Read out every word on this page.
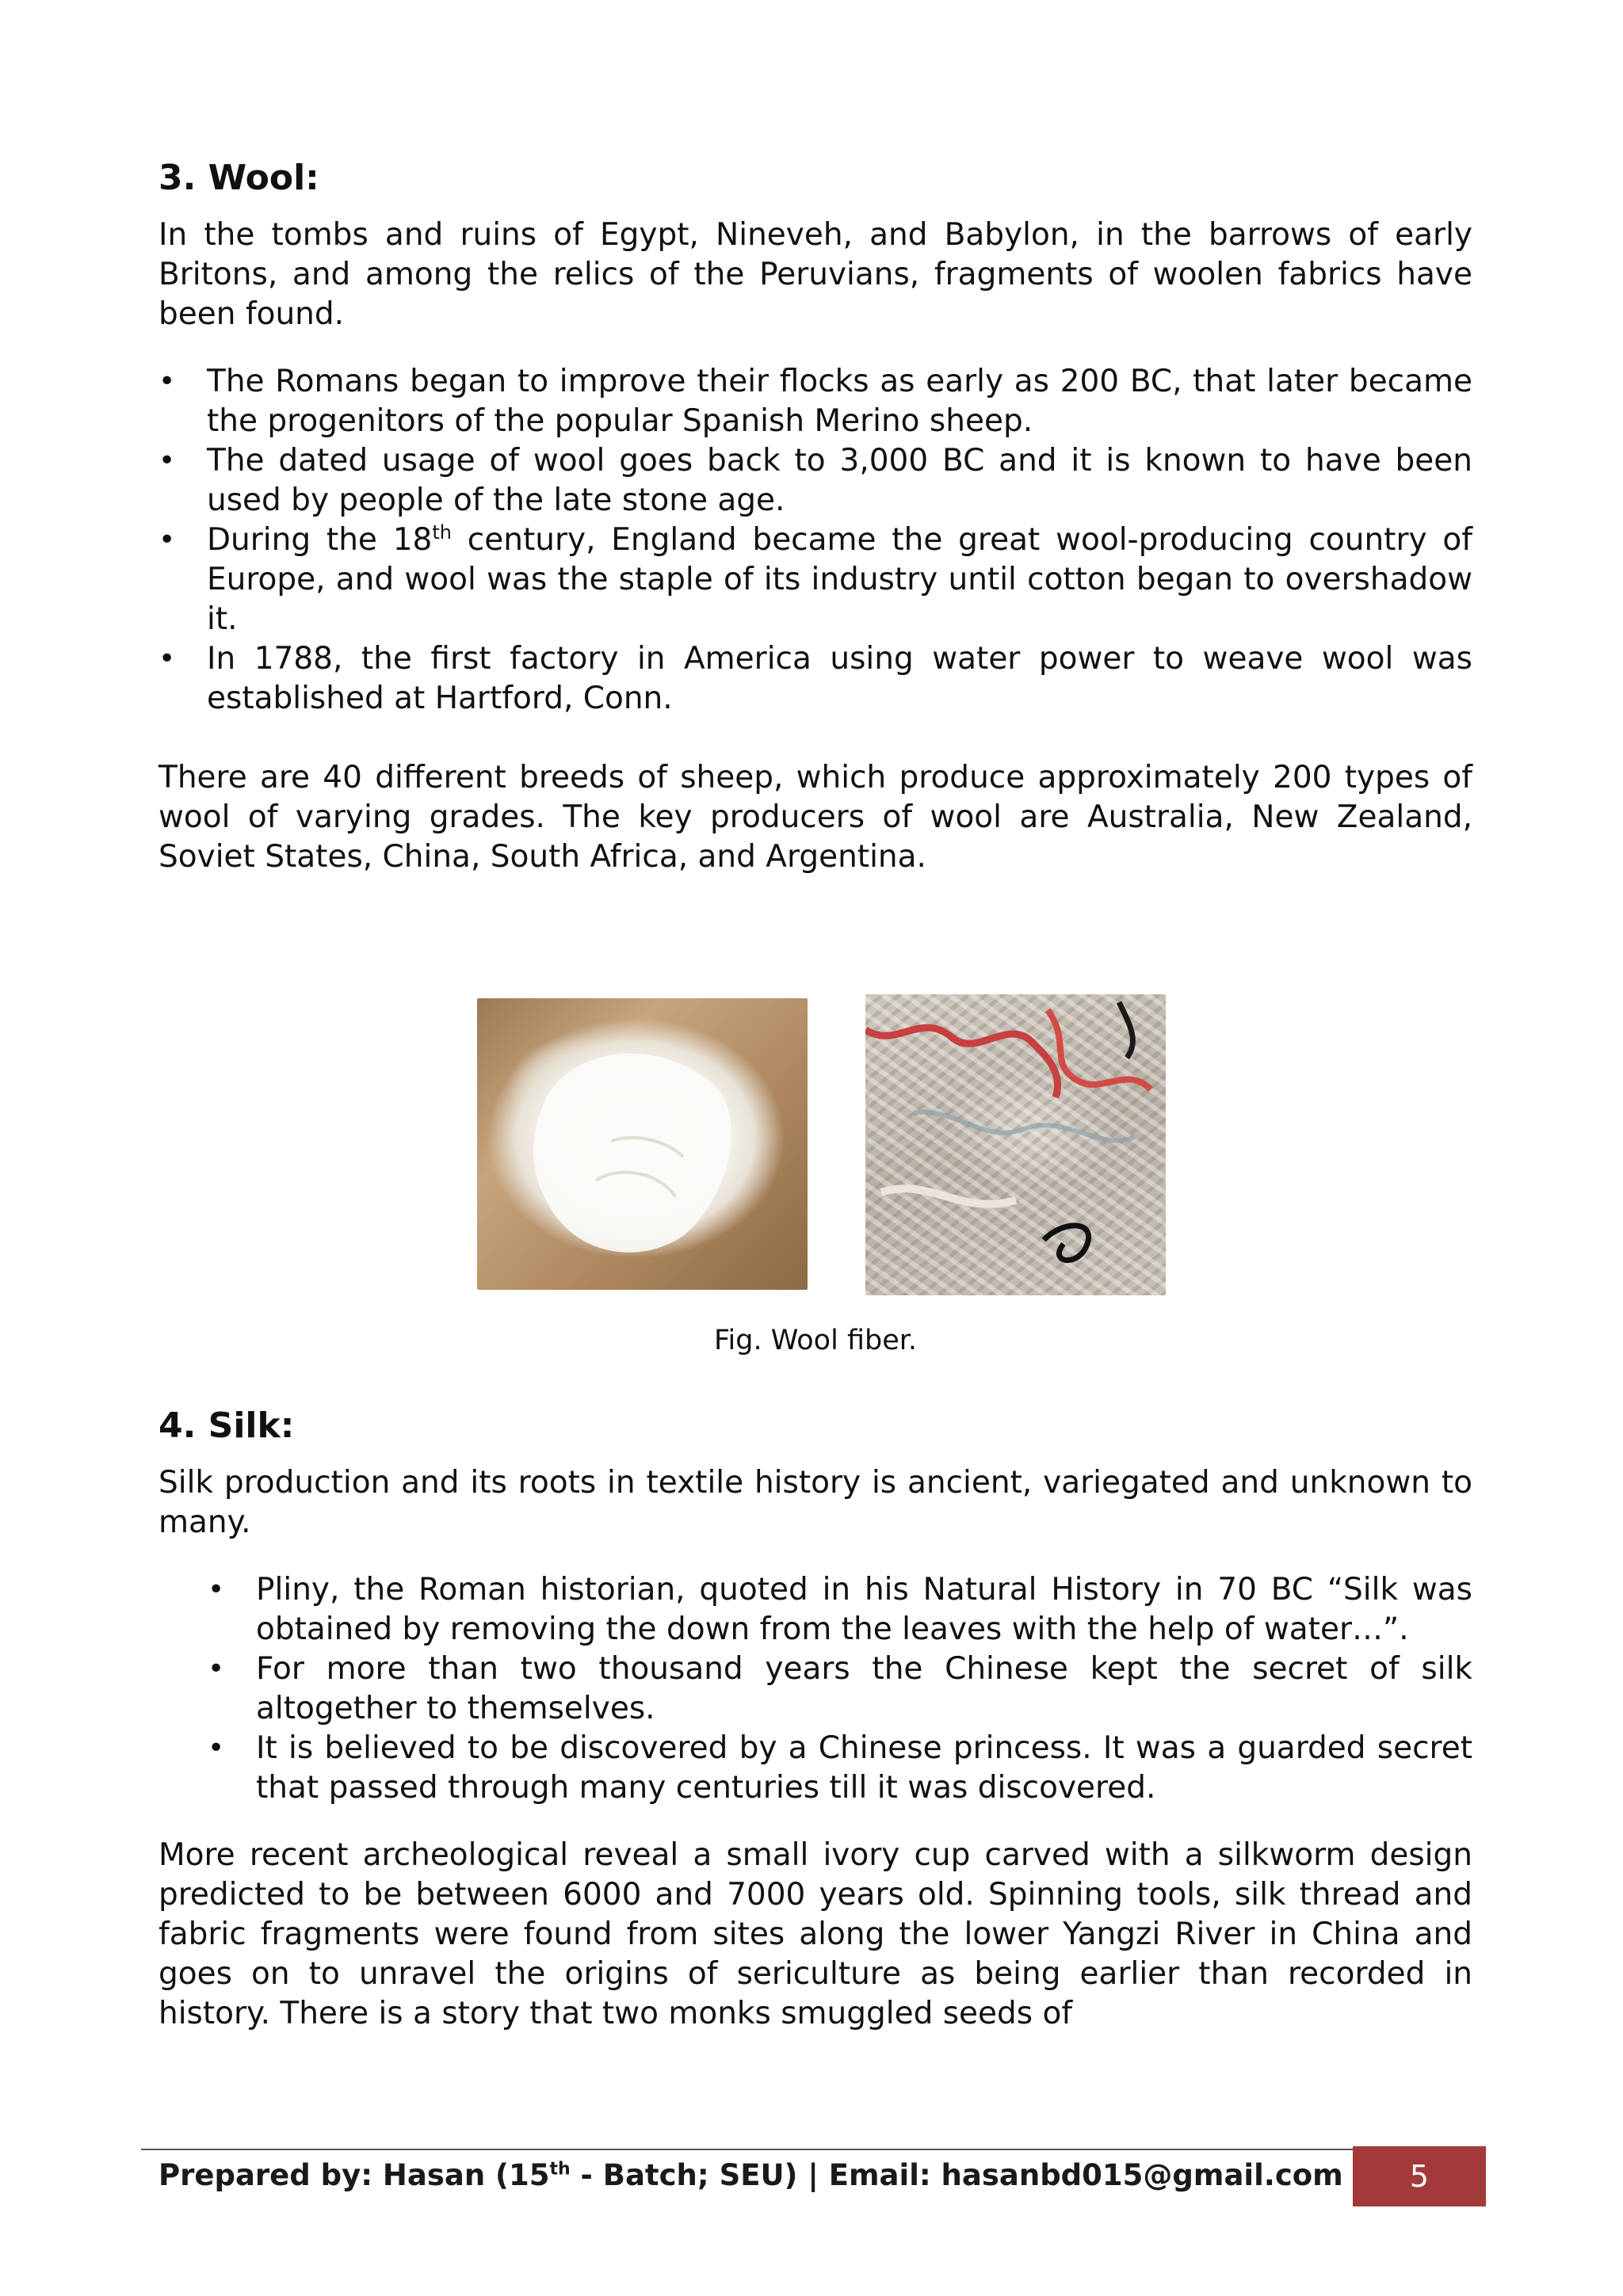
3. Wool:

In the tombs and ruins of Egypt, Nineveh, and Babylon, in the barrows of early Britons, and among the relics of the Peruvians, fragments of woolen fabrics have been found.

• The Romans began to improve their flocks as early as 200 BC, that later became the progenitors of the popular Spanish Merino sheep.
• The dated usage of wool goes back to 3,000 BC and it is known to have been used by people of the late stone age.
• During the 18th century, England became the great wool-producing country of Europe, and wool was the staple of its industry until cotton began to overshadow it.
• In 1788, the first factory in America using water power to weave wool was established at Hartford, Conn.

There are 40 different breeds of sheep, which produce approximately 200 types of wool of varying grades. The key producers of wool are Australia, New Zealand, Soviet States, China, South Africa, and Argentina.

Fig. Wool fiber.
4. Silk:

Silk production and its roots in textile history is ancient, variegated and unknown to many.

• Pliny, the Roman historian, quoted in his Natural History in 70 BC “Silk was obtained by removing the down from the leaves with the help of water…”.
• For more than two thousand years the Chinese kept the secret of silk altogether to themselves.
• It is believed to be discovered by a Chinese princess. It was a guarded secret that passed through many centuries till it was discovered.

More recent archeological reveal a small ivory cup carved with a silkworm design predicted to be between 6000 and 7000 years old. Spinning tools, silk thread and fabric fragments were found from sites along the lower Yangzi River in China and goes on to unravel the origins of sericulture as being earlier than recorded in history. There is a story that two monks smuggled seeds of

Prepared by: Hasan (15th - Batch; SEU) | Email: hasanbd015@gmail.com	5
